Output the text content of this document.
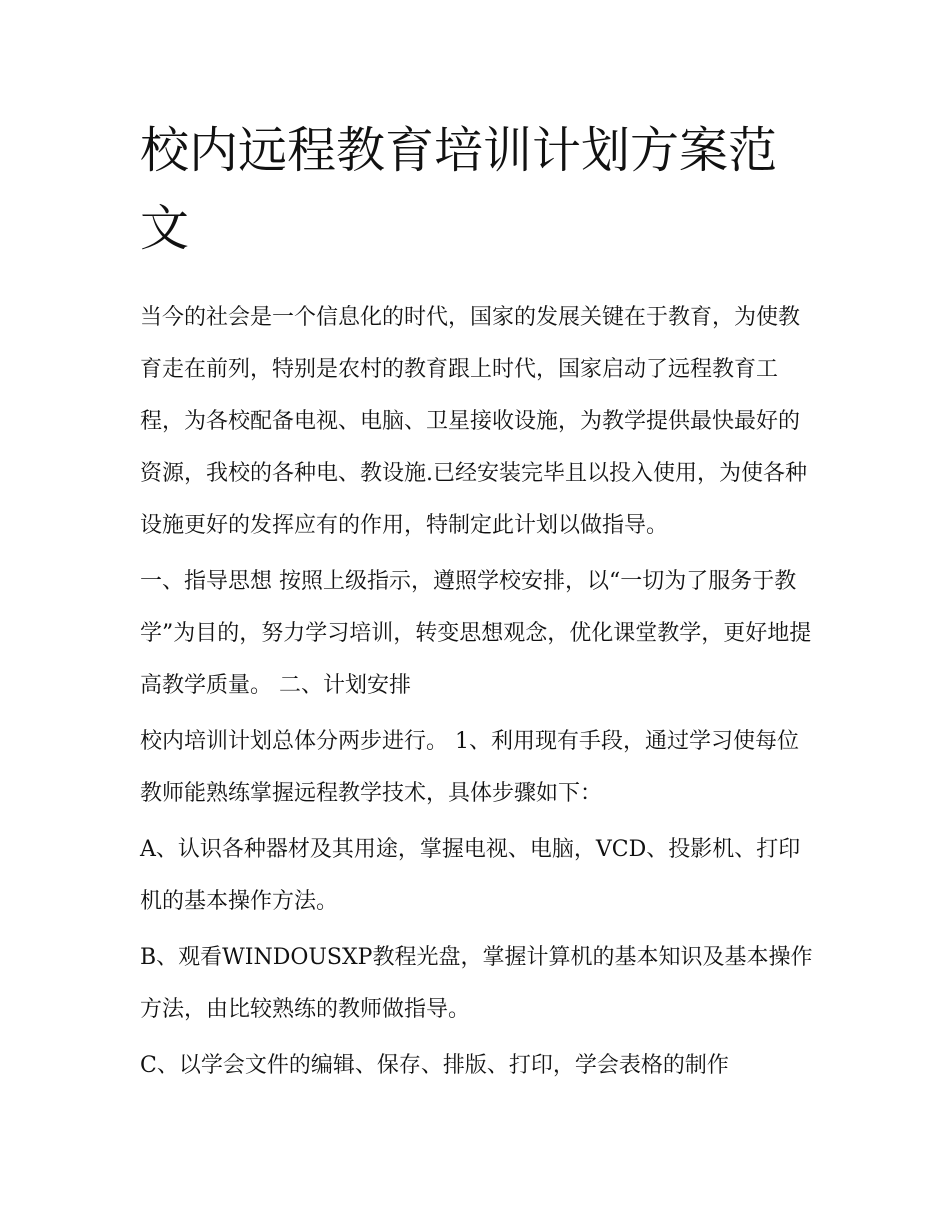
校内远程教育培训计划方案范文

当今的社会是一个信息化的时代，国家的发展关键在于教育，为使教育走在前列，特别是农村的教育跟上时代，国家启动了远程教育工程，为各校配备电视、电脑、卫星接收设施，为教学提供最快最好的资源，我校的各种电、教设施.已经安装完毕且以投入使用，为使各种设施更好的发挥应有的作用，特制定此计划以做指导。

一、指导思想 按照上级指示，遵照学校安排，以“一切为了服务于教学”为目的，努力学习培训，转变思想观念，优化课堂教学，更好地提高教学质量。 二、计划安排

校内培训计划总体分两步进行。 1、利用现有手段，通过学习使每位教师能熟练掌握远程教学技术，具体步骤如下：

A、认识各种器材及其用途，掌握电视、电脑，VCD、投影机、打印机的基本操作方法。

B、观看WINDOUSXP教程光盘，掌握计算机的基本知识及基本操作方法，由比较熟练的教师做指导。

C、以学会文件的编辑、保存、排版、打印，学会表格的制作
